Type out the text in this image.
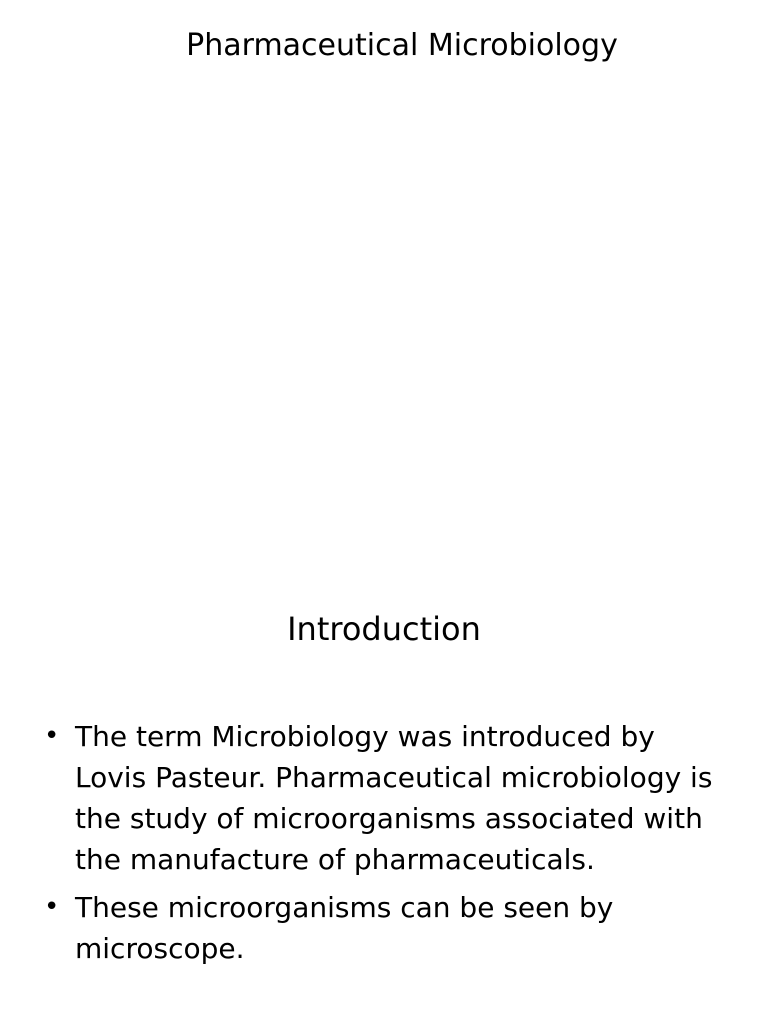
Pharmaceutical Microbiology
Introduction
• The term Microbiology was introduced by Lovis Pasteur. Pharmaceutical microbiology is the study of microorganisms associated with the manufacture of pharmaceuticals.
• These microorganisms can be seen by microscope.
